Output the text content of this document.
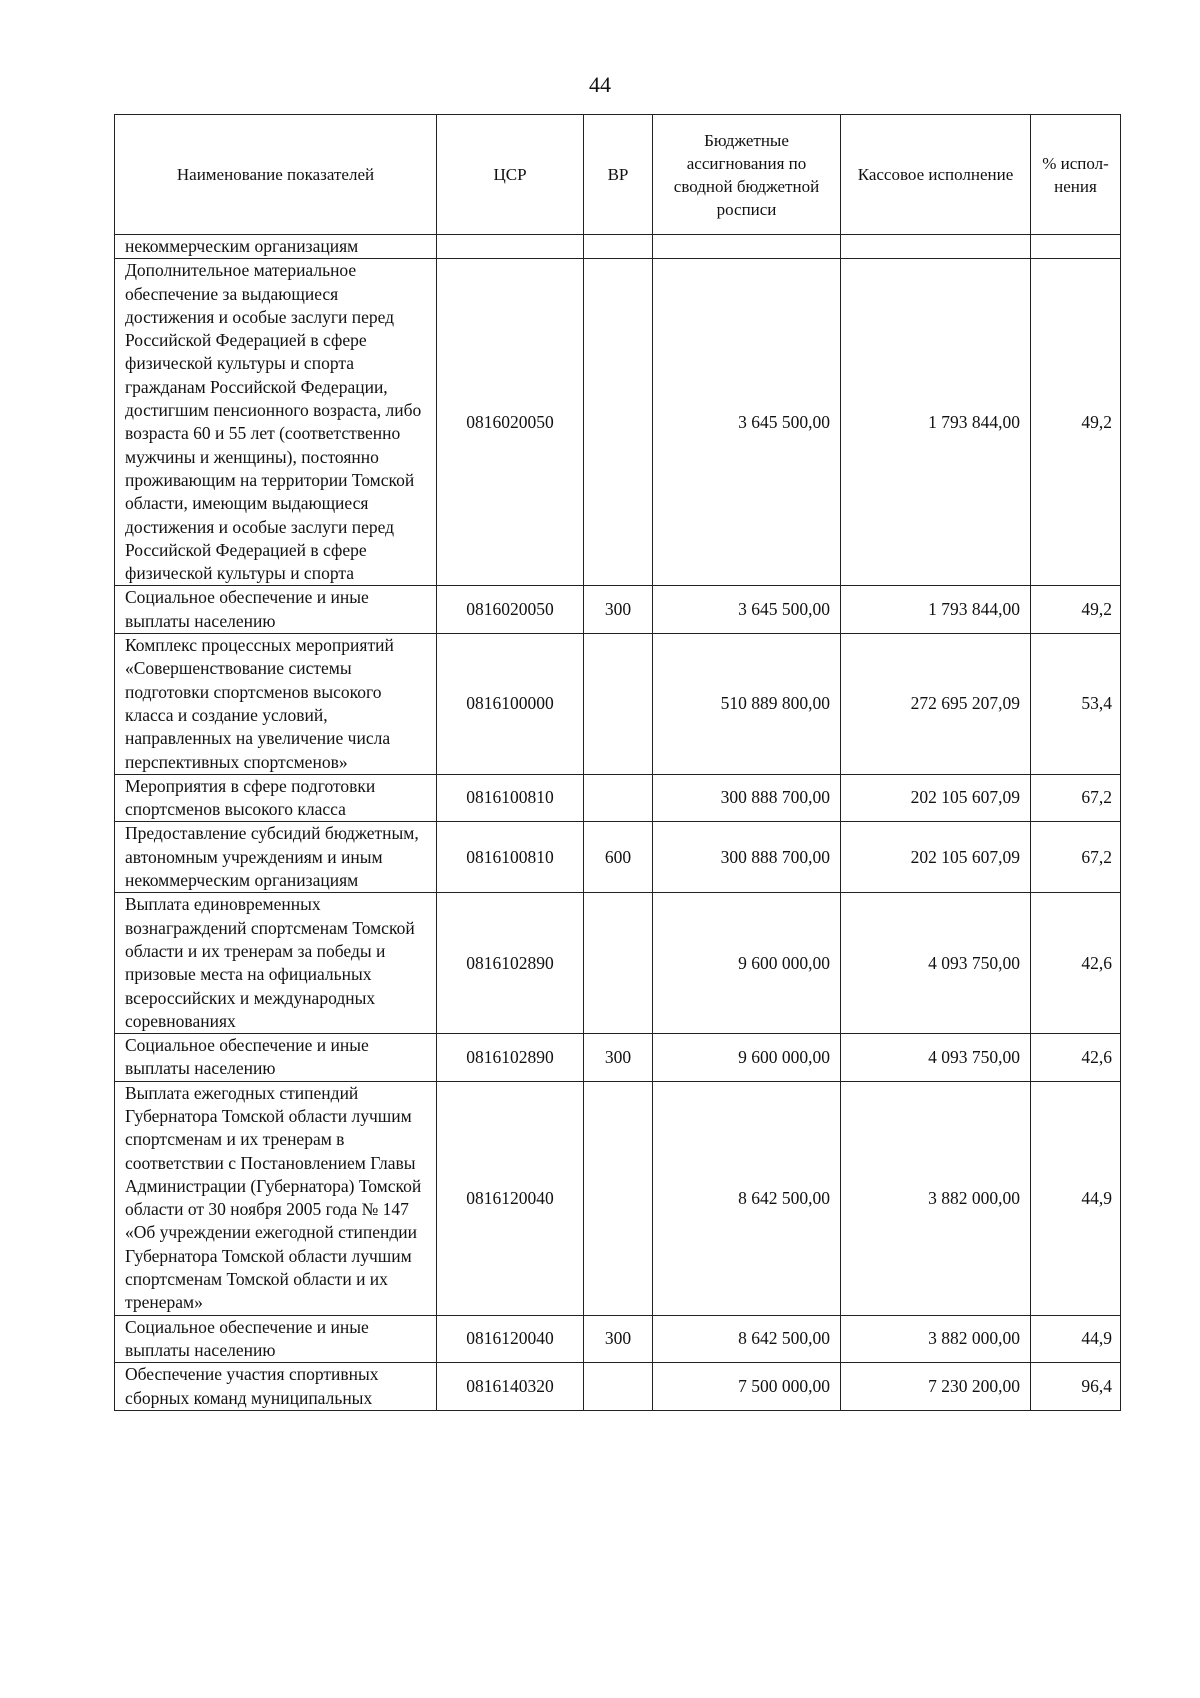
44
Наименование показателей	ЦСР	ВР	Бюджетные ассигнования по сводной бюджетной росписи	Кассовое исполнение	% испол-нения
некоммерческим организациям					
Дополнительное материальное обеспечение за выдающиеся достижения и особые заслуги перед Российской Федерацией в сфере физической культуры и спорта гражданам Российской Федерации, достигшим пенсионного возраста, либо возраста 60 и 55 лет (соответственно мужчины и женщины), постоянно проживающим на территории Томской области, имеющим выдающиеся достижения и особые заслуги перед Российской Федерацией в сфере физической культуры и спорта	0816020050		3 645 500,00	1 793 844,00	49,2
Социальное обеспечение и иные выплаты населению	0816020050	300	3 645 500,00	1 793 844,00	49,2
Комплекс процессных мероприятий «Совершенствование системы подготовки спортсменов высокого класса и создание условий, направленных на увеличение числа перспективных спортсменов»	0816100000		510 889 800,00	272 695 207,09	53,4
Мероприятия в сфере подготовки спортсменов высокого класса	0816100810		300 888 700,00	202 105 607,09	67,2
Предоставление субсидий бюджетным, автономным учреждениям и иным некоммерческим организациям	0816100810	600	300 888 700,00	202 105 607,09	67,2
Выплата единовременных вознаграждений спортсменам Томской области и их тренерам за победы и призовые места на официальных всероссийских и международных соревнованиях	0816102890		9 600 000,00	4 093 750,00	42,6
Социальное обеспечение и иные выплаты населению	0816102890	300	9 600 000,00	4 093 750,00	42,6
Выплата ежегодных стипендий Губернатора Томской области лучшим спортсменам и их тренерам в соответствии с Постановлением Главы Администрации (Губернатора) Томской области от 30 ноября 2005 года № 147 «Об учреждении ежегодной стипендии Губернатора Томской области лучшим спортсменам Томской области и их тренерам»	0816120040		8 642 500,00	3 882 000,00	44,9
Социальное обеспечение и иные выплаты населению	0816120040	300	8 642 500,00	3 882 000,00	44,9
Обеспечение участия спортивных сборных команд муниципальных	0816140320		7 500 000,00	7 230 200,00	96,4
